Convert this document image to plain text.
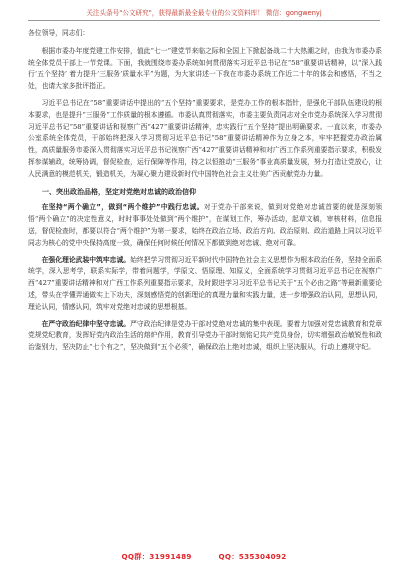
关注头条号"公文研究"，获得最新最全最专业的公文资料库！ 微信：gongwenyj

各位领导，同志们：

根据市委办年度党建工作安排，值此“七一”建党节来临之际和全国上下掀起备战二十大热潮之时，由我为市委办系统全体党员干部上一节党课。下面，我就围绕市委办系统如何贯彻落实习近平总书记在“58”重要讲话精神，以“深入践行‘五个坚持’ 着力提升‘三服务’质量水平”为题，为大家讲述一下我在市委办系统工作近二十年的体会和感悟，不当之处，也请大家多批评指正。

习近平总书记在“58”重要讲话中提出的“五个坚持”重要要求，是党办工作的根本指针，是强化干部队伍建设的根本要求，也是提升“三服务”工作质量的根本遵循。市委认真贯彻落实，市委主要负责同志对全市党办系统深入学习贯彻习近平总书记“58”重要讲话和视察广西“427”重要讲话精神，忠实践行“五个坚持”提出明确要求。一直以来，市委办公室系统全体党员，干部始终把深入学习贯彻习近平总书记“58”重要讲话精神作为立身之本，牢牢把握党办政治属性，高质量服务市委深入贯彻落实习近平总书记视察广西“427”重要讲话精神和对广西工作系列重要指示要求，积极发挥参谋辅政，统筹协调，督促检查，运行保障等作用，持之以恒推动“三服务”事业高质量发展，努力打造让党放心，让人民满意的模范机关，锻造机关，为凝心聚力建设新时代中国特色社会主义壮美广西贡献党办力量。

一、突出政治品格，坚定对党绝对忠诚的政治信仰

在坚持“两个确立”，做到“两个维护”中践行忠诚。对于党办干部来说，做到对党绝对忠诚首要的就是深刻领悟“两个确立”的决定性意义，时时事事处处做到“两个维护”，在谋划工作，筹办活动，起草文稿，审核材料，信息报送，督促检查时，都要以符合“两个维护”为第一要求，始终在政治立场、政治方向、政治原则、政治道路上同以习近平同志为核心的党中央保持高度一致，确保任何时候任何情况下都做到绝对忠诚、绝对可靠。

在强化理论武装中筑牢忠诚。始终把学习贯彻习近平新时代中国特色社会主义思想作为根本政治任务，坚持全面系统学，深入思考学，联系实际学，带着问题学，学原文、悟原理、知原义，全面系统学习贯彻习近平总书记在视察广西“427”重要讲话精神和对广西工作系列重要指示要求，及时跟进学习习近平总书记关于“五个必由之路”等最新重要论述，带头在学懂弄通做实上下功夫，深刻感悟党的创新理论的真理力量和实践力量，进一步增强政治认同，思想认同，理论认同，情感认同，筑牢对党绝对忠诚的思想根基。

在严守政治纪律中坚守忠诚。严守政治纪律是党办干部对党绝对忠诚的集中表现。要着力加强对党忠诚教育和党章党规党纪教育，发挥好党内政治生活的熔炉作用，教育引导党办干部时刻铭记共产党员身份，切实增强政治敏锐性和政治鉴别力，坚决防止“七个有之”，坚决做到“五个必须”，确保政治上绝对忠诚，组织上坚决服从，行动上遵规守纪。

QQ群：31991489	QQ：535304092
